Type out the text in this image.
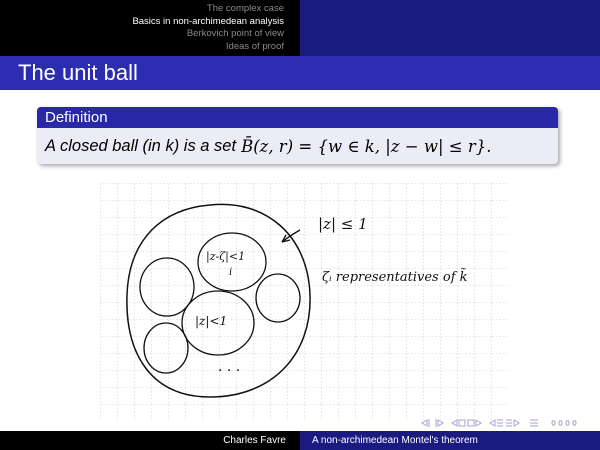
The complex case
Basics in non-archimedean analysis
Berkovich point of view
Ideas of proof
The unit ball
Definition
A closed ball (in k) is a set B̄(z, r) = {w ∈ k, |z − w| ≤ r}.
|z| ≤ 1
|z-ζ|<1
i
|z|<1
ζᵢ representatives of k̃
. . .
Charles Favre	A non-archimedean Montel's theorem
